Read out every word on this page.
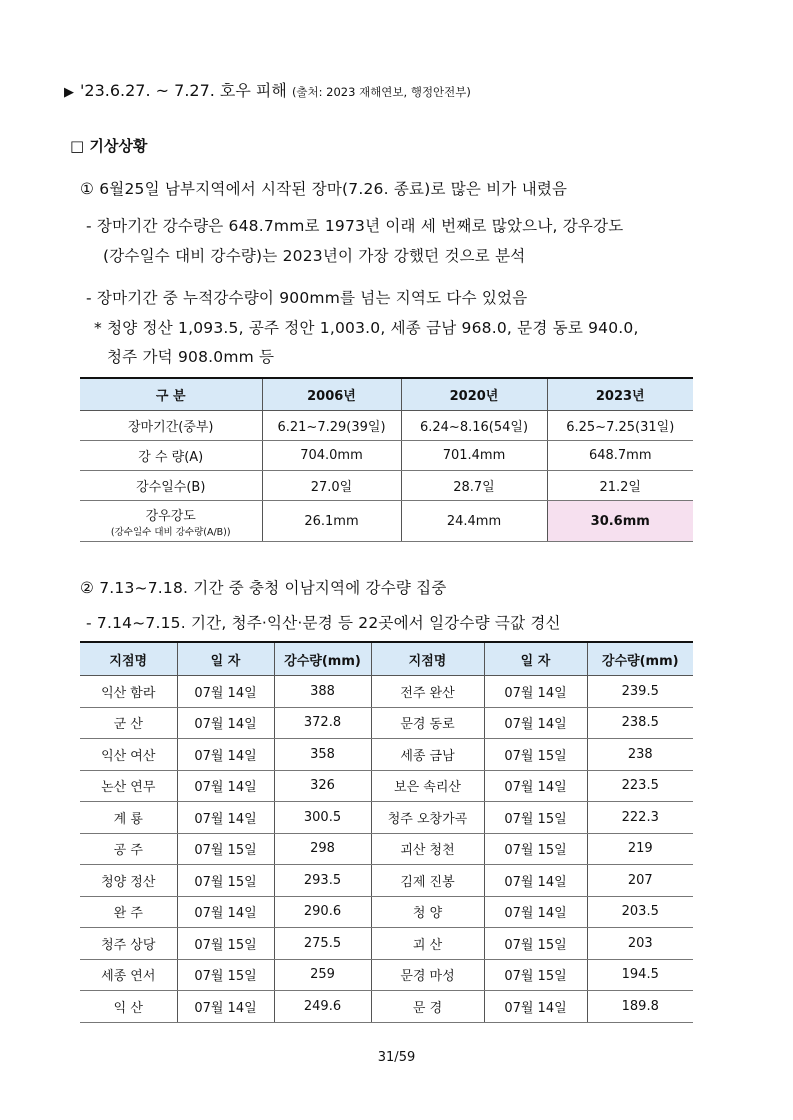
▶ '23.6.27. ~ 7.27. 호우 피해 (출처: 2023 재해연보, 행정안전부)
□ 기상상황
① 6월25일 남부지역에서 시작된 장마(7.26. 종료)로 많은 비가 내렸음
- 장마기간 강수량은 648.7mm로 1973년 이래 세 번째로 많았으나, 강우강도
(강수일수 대비 강수량)는 2023년이 가장 강했던 것으로 분석
- 장마기간 중 누적강수량이 900mm를 넘는 지역도 다수 있었음
* 청양 정산 1,093.5, 공주 정안 1,003.0, 세종 금남 968.0, 문경 동로 940.0,
청주 가덕 908.0mm 등
구 분	2006년	2020년	2023년
장마기간(중부)	6.21~7.29(39일)	6.24~8.16(54일)	6.25~7.25(31일)
강 수 량(A)	704.0mm	701.4mm	648.7mm
강수일수(B)	27.0일	28.7일	21.2일

강우강도
(강수일수 대비 강수량(A/B))	26.1mm	24.4mm	30.6mm
② 7.13~7.18. 기간 중 충청 이남지역에 강수량 집중
- 7.14~7.15. 기간, 청주·익산·문경 등 22곳에서 일강수량 극값 경신
지점명	일 자	강수량(mm)	지점명	일 자	강수량(mm)
익산 함라	07월 14일	388	전주 완산	07월 14일	239.5
군 산	07월 14일	372.8	문경 동로	07월 14일	238.5
익산 여산	07월 14일	358	세종 금남	07월 15일	238
논산 연무	07월 14일	326	보은 속리산	07월 14일	223.5
계 룡	07월 14일	300.5	청주 오창가곡	07월 15일	222.3
공 주	07월 15일	298	괴산 청천	07월 15일	219
청양 정산	07월 15일	293.5	김제 진봉	07월 14일	207
완 주	07월 14일	290.6	청 양	07월 14일	203.5
청주 상당	07월 15일	275.5	괴 산	07월 15일	203
세종 연서	07월 15일	259	문경 마성	07월 15일	194.5
익 산	07월 14일	249.6	문 경	07월 14일	189.8
31/59
